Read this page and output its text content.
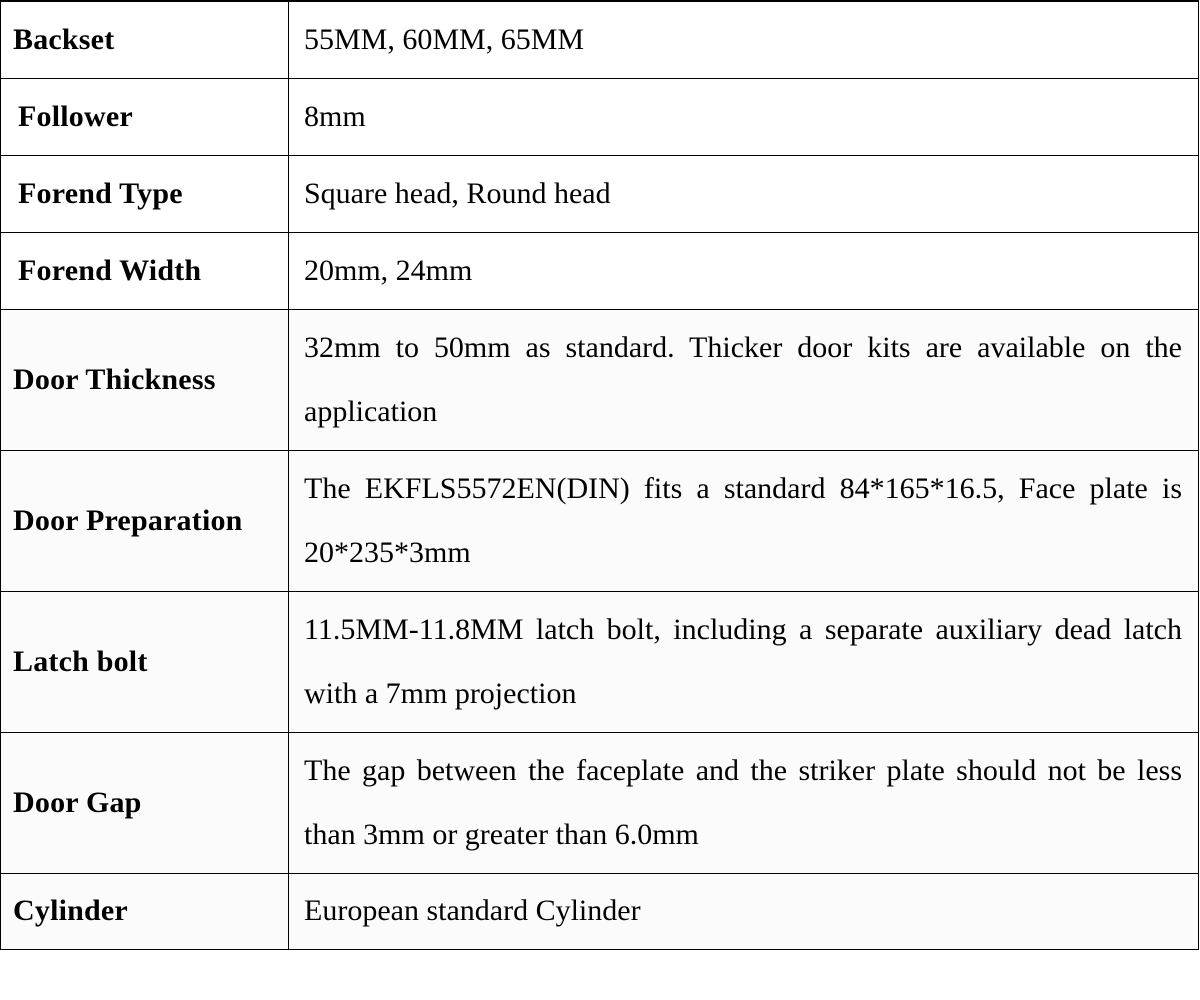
Backset	55MM, 60MM, 65MM
Follower	8mm
Forend Type	Square head, Round head
Forend Width	20mm, 24mm
Door Thickness	32mm to 50mm as standard. Thicker door kits are available on the application
Door Preparation	The EKFLS5572EN(DIN) fits a standard 84*165*16.5, Face plate is 20*235*3mm
Latch bolt	11.5MM-11.8MM latch bolt, including a separate auxiliary dead latch with a 7mm projection
Door Gap	The gap between the faceplate and the striker plate should not be less than 3mm or greater than 6.0mm
Cylinder	European standard Cylinder
